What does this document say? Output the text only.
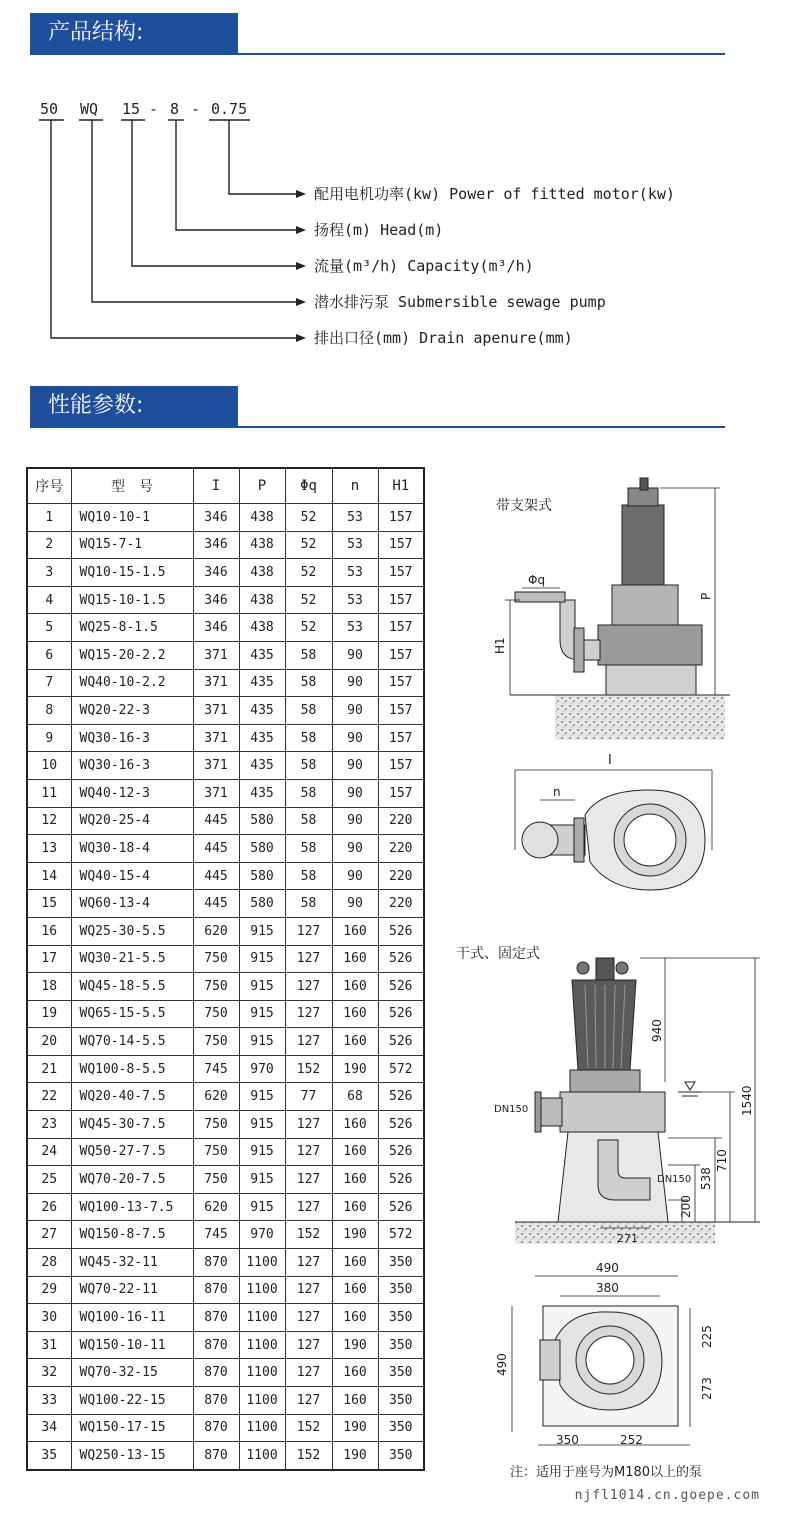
产品结构:
50 WQ 15 - 8 - 0.75
配用电机功率(kw) Power of fitted motor(kw)
扬程(m) Head(m)
流量(m³/h) Capacity(m³/h)
潜水排污泵 Submersible sewage pump
排出口径(mm) Drain apenure(mm)
性能参数:
序号	型　号	I	P	Φq	n	H1
1	WQ10-10-1	346	438	52	53	157
2	WQ15-7-1	346	438	52	53	157
3	WQ10-15-1.5	346	438	52	53	157
4	WQ15-10-1.5	346	438	52	53	157
5	WQ25-8-1.5	346	438	52	53	157
6	WQ15-20-2.2	371	435	58	90	157
7	WQ40-10-2.2	371	435	58	90	157
8	WQ20-22-3	371	435	58	90	157
9	WQ30-16-3	371	435	58	90	157
10	WQ30-16-3	371	435	58	90	157
11	WQ40-12-3	371	435	58	90	157
12	WQ20-25-4	445	580	58	90	220
13	WQ30-18-4	445	580	58	90	220
14	WQ40-15-4	445	580	58	90	220
15	WQ60-13-4	445	580	58	90	220
16	WQ25-30-5.5	620	915	127	160	526
17	WQ30-21-5.5	750	915	127	160	526
18	WQ45-18-5.5	750	915	127	160	526
19	WQ65-15-5.5	750	915	127	160	526
20	WQ70-14-5.5	750	915	127	160	526
21	WQ100-8-5.5	745	970	152	190	572
22	WQ20-40-7.5	620	915	77	68	526
23	WQ45-30-7.5	750	915	127	160	526
24	WQ50-27-7.5	750	915	127	160	526
25	WQ70-20-7.5	750	915	127	160	526
26	WQ100-13-7.5	620	915	127	160	526
27	WQ150-8-7.5	745	970	152	190	572
28	WQ45-32-11	870	1100	127	160	350
29	WQ70-22-11	870	1100	127	160	350
30	WQ100-16-11	870	1100	127	160	350
31	WQ150-10-11	870	1100	127	190	350
32	WQ70-32-15	870	1100	127	160	350
33	WQ100-22-15	870	1100	127	160	350
34	WQ150-17-15	870	1100	152	190	350
35	WQ250-13-15	870	1100	152	190	350
带支架式
Φq
P
H1
I
n
干式、固定式
940
1540
710
538
200
271
DN150
DN150
490
380
490
225
273
350	252
注：适用于座号为M180以上的泵
njfl1014.cn.goepe.com
